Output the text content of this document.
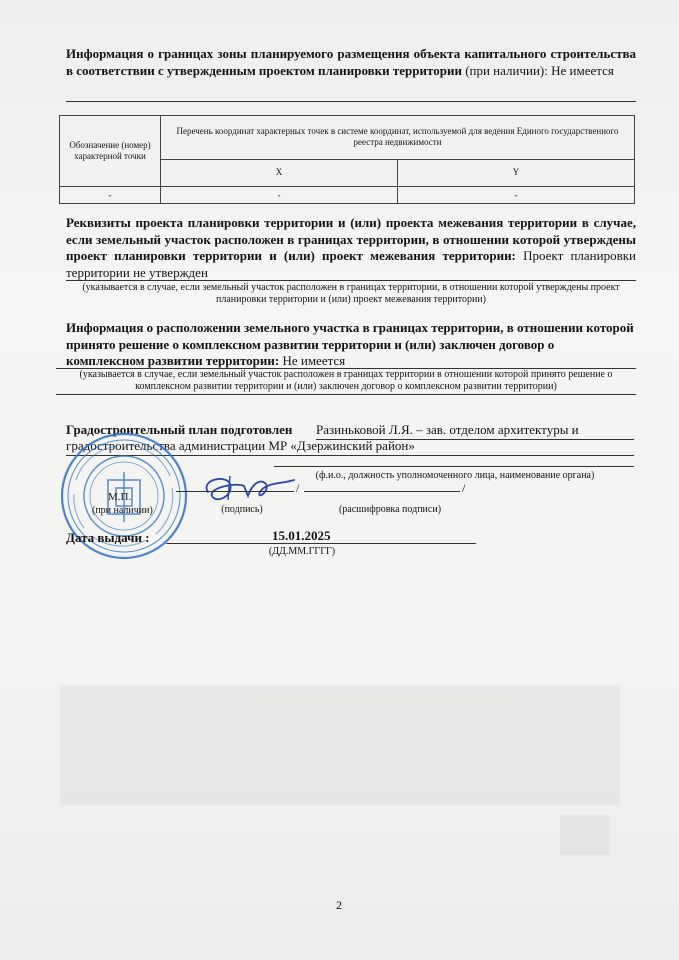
Информация о границах зоны планируемого размещения объекта капитального строительства в соответствии с утвержденным проектом планировки территории (при наличии): Не имеется
Обозначение (номер) характерной точки	Перечень координат характерных точек в системе координат, используемой для ведения Единого государственного реестра недвижимости	
	X	Y
-	-	-
Реквизиты проекта планировки территории и (или) проекта межевания территории в случае, если земельный участок расположен в границах территории, в отношении которой утверждены проект планировки территории и (или) проект межевания территории: Проект планировки территории не утвержден
(указывается в случае, если земельный участок расположен в границах территории, в отношении которой утверждены проект планировки территории и (или) проект межевания территории)
Информация о расположении земельного участка в границах территории, в отношении которой принято решение о комплексном развитии территории и (или) заключен договор о комплексном развитии территории: Не имеется
(указывается в случае, если земельный участок расположен в границах территории в отношении которой принято решение о комплексном развитии территории и (или) заключен договор о комплексном развитии территории)
Градостроительный план подготовлен Разиньковой Л.Я. – зав. отделом архитектуры и
градостроительства администрации МР «Дзержинский район»
(ф.и.о., должность уполномоченного лица, наименование органа)
М.П.
(при наличии)
/	/
(подпись)	(расшифровка подписи)
Дата выдачи :	15.01.2025
(ДД.ММ.ГГГГ)
2
